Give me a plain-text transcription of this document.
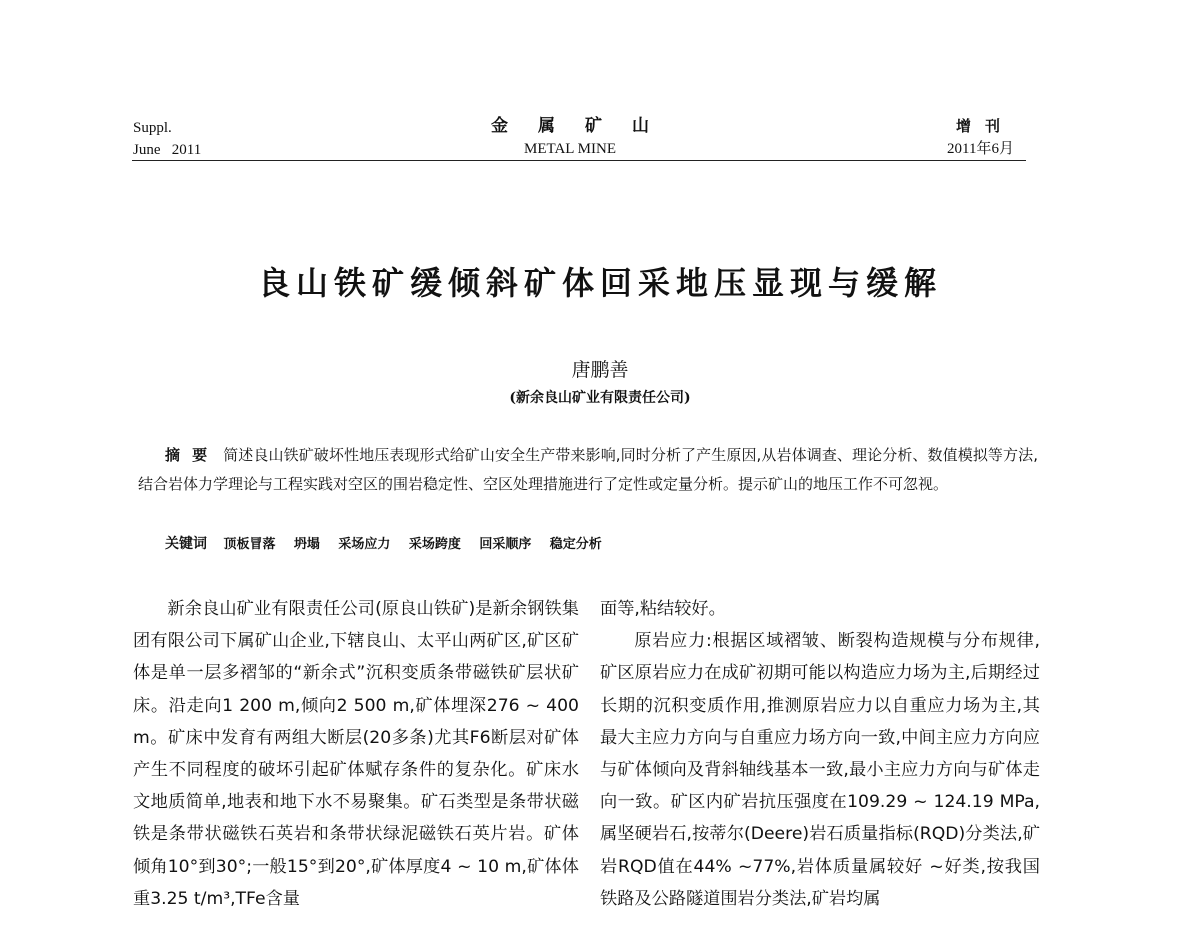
Suppl.
June   2011
金属矿山
METAL MINE
增刊
2011年6月
良山铁矿缓倾斜矿体回采地压显现与缓解
唐鹏善
(新余良山矿业有限责任公司)
摘要 简述良山铁矿破坏性地压表现形式给矿山安全生产带来影响,同时分析了产生原因,从岩体调查、理论分析、数值模拟等方法,结合岩体力学理论与工程实践对空区的围岩稳定性、空区处理措施进行了定性或定量分析。提示矿山的地压工作不可忽视。
关键词 顶板冒落 坍塌 采场应力 采场跨度 回采顺序 稳定分析

新余良山矿业有限责任公司(原良山铁矿)是新余钢铁集团有限公司下属矿山企业,下辖良山、太平山两矿区,矿区矿体是单一层多褶邹的“新余式”沉积变质条带磁铁矿层状矿床。沿走向1 200 m,倾向2 500 m,矿体埋深276 ~ 400 m。矿床中发育有两组大断层(20多条)尤其F6断层对矿体产生不同程度的破坏引起矿体赋存条件的复杂化。矿床水文地质简单,地表和地下水不易聚集。矿石类型是条带状磁铁是条带状磁铁石英岩和条带状绿泥磁铁石英片岩。矿体倾角10°到30°;一般15°到20°,矿体厚度4 ~ 10 m,矿体体重3.25 t/m³,TFe含量

面等,粘结较好。

原岩应力:根据区域褶皱、断裂构造规模与分布规律,矿区原岩应力在成矿初期可能以构造应力场为主,后期经过长期的沉积变质作用,推测原岩应力以自重应力场为主,其最大主应力方向与自重应力场方向一致,中间主应力方向应与矿体倾向及背斜轴线基本一致,最小主应力方向与矿体走向一致。矿区内矿岩抗压强度在109.29 ~ 124.19 MPa,属坚硬岩石,按蒂尔(Deere)岩石质量指标(RQD)分类法,矿岩RQD值在44% ~77%,岩体质量属较好 ~好类,按我国铁路及公路隧道围岩分类法,矿岩均属
